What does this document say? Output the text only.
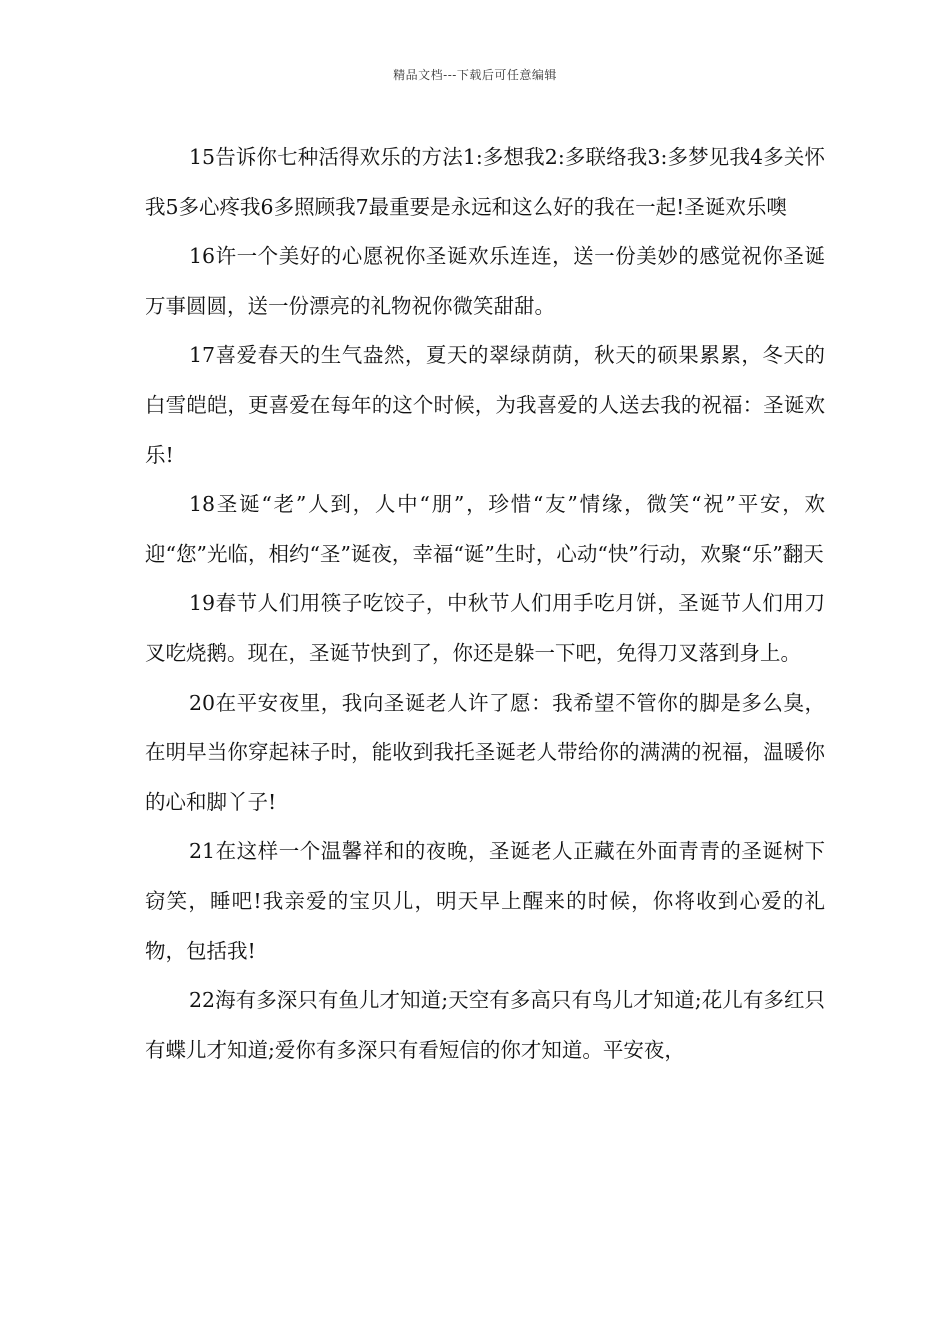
精品文档---下载后可任意编辑

15告诉你七种活得欢乐的方法1:多想我2:多联络我3:多梦见我4多关怀我5多心疼我6多照顾我7最重要是永远和这么好的我在一起!圣诞欢乐噢

16许一个美好的心愿祝你圣诞欢乐连连，送一份美妙的感觉祝你圣诞万事圆圆，送一份漂亮的礼物祝你微笑甜甜。

17喜爱春天的生气盎然，夏天的翠绿荫荫，秋天的硕果累累，冬天的白雪皑皑，更喜爱在每年的这个时候，为我喜爱的人送去我的祝福：圣诞欢乐!

18圣诞“老”人到，人中“朋”，珍惜“友”情缘，微笑“祝”平安，欢迎“您”光临，相约“圣”诞夜，幸福“诞”生时，心动“快”行动，欢聚“乐”翻天

19春节人们用筷子吃饺子，中秋节人们用手吃月饼，圣诞节人们用刀叉吃烧鹅。现在，圣诞节快到了，你还是躲一下吧，免得刀叉落到身上。

20在平安夜里，我向圣诞老人许了愿：我希望不管你的脚是多么臭，在明早当你穿起袜子时，能收到我托圣诞老人带给你的满满的祝福，温暖你的心和脚丫子!

21在这样一个温馨祥和的夜晚，圣诞老人正藏在外面青青的圣诞树下窃笑，睡吧!我亲爱的宝贝儿，明天早上醒来的时候，你将收到心爱的礼物，包括我!

22海有多深只有鱼儿才知道;天空有多高只有鸟儿才知道;花儿有多红只有蝶儿才知道;爱你有多深只有看短信的你才知道。平安夜，
